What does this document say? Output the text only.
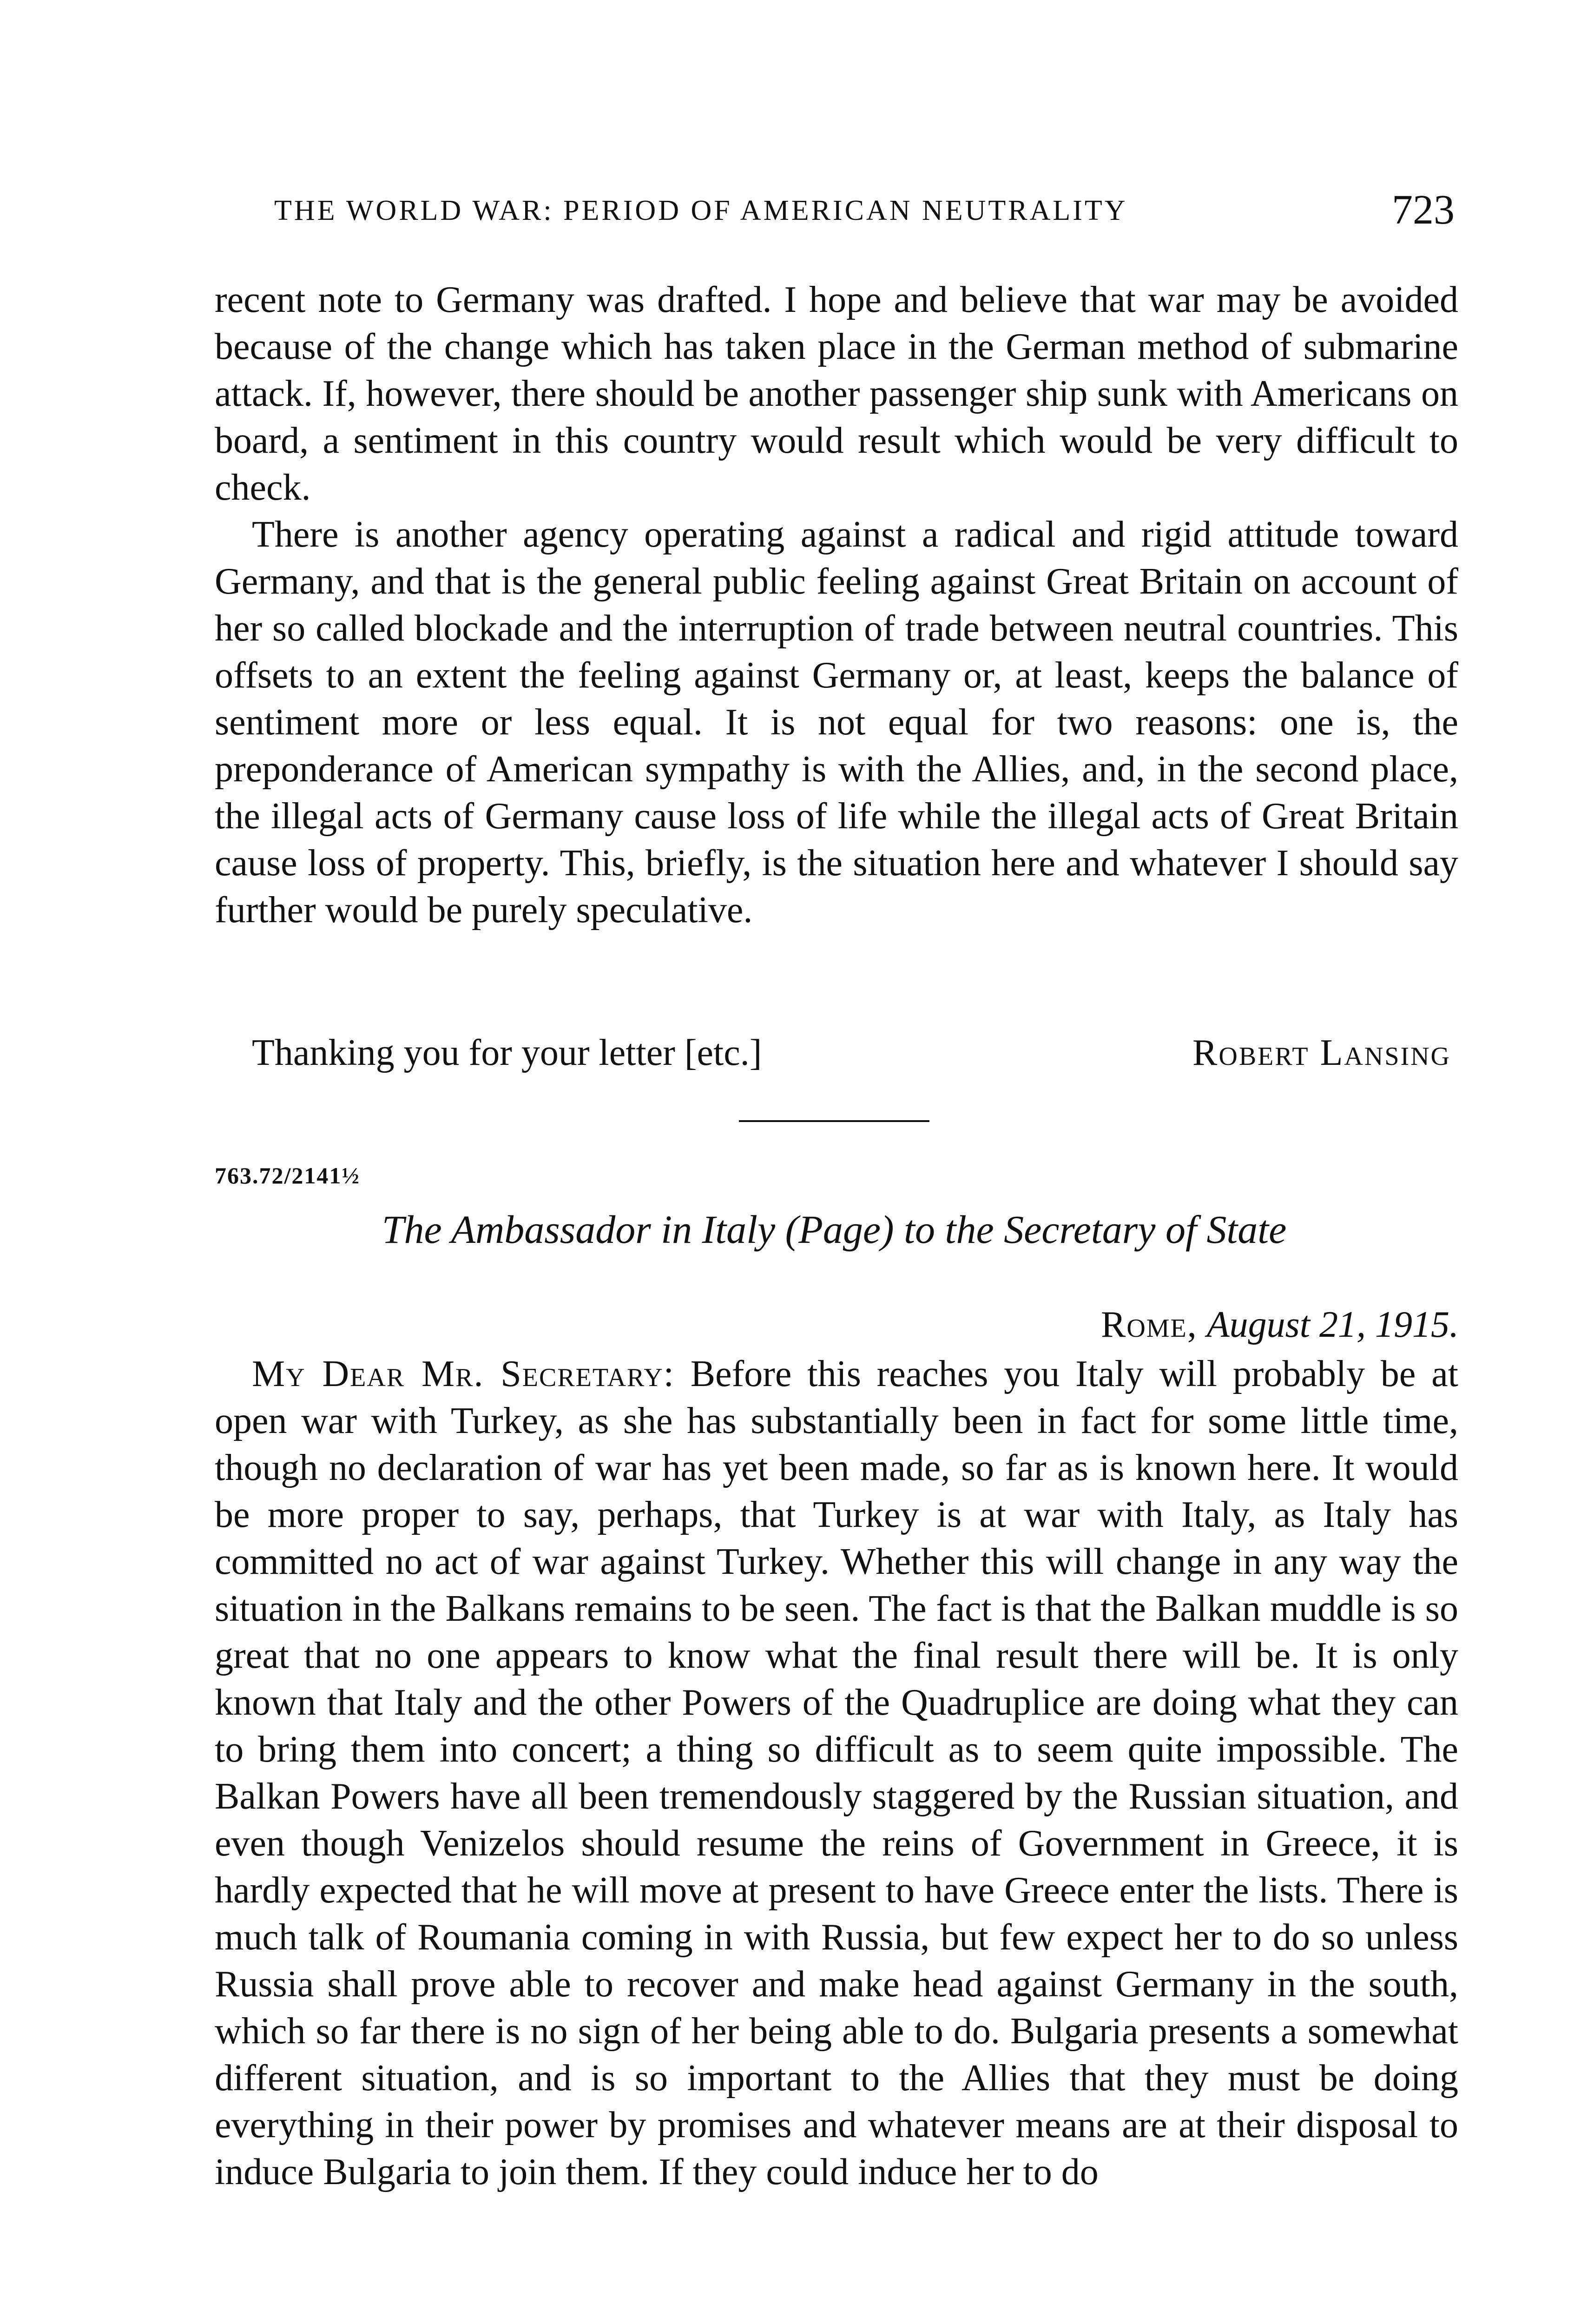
THE WORLD WAR: PERIOD OF AMERICAN NEUTRALITY	723

recent note to Germany was drafted. I hope and believe that war may be avoided because of the change which has taken place in the German method of submarine attack. If, however, there should be another passenger ship sunk with Americans on board, a sentiment in this country would result which would be very difficult to check.

There is another agency operating against a radical and rigid attitude toward Germany, and that is the general public feeling against Great Britain on account of her so called blockade and the interruption of trade between neutral countries. This offsets to an extent the feeling against Germany or, at least, keeps the balance of sentiment more or less equal. It is not equal for two reasons: one is, the preponderance of American sympathy is with the Allies, and, in the second place, the illegal acts of Germany cause loss of life while the illegal acts of Great Britain cause loss of property. This, briefly, is the situation here and whatever I should say further would be purely speculative.

Thanking you for your letter [etc.]	Robert Lansing
763.72/2141½
The Ambassador in Italy (Page) to the Secretary of State
Rome, August 21, 1915.

My Dear Mr. Secretary: Before this reaches you Italy will probably be at open war with Turkey, as she has substantially been in fact for some little time, though no declaration of war has yet been made, so far as is known here. It would be more proper to say, perhaps, that Turkey is at war with Italy, as Italy has committed no act of war against Turkey. Whether this will change in any way the situation in the Balkans remains to be seen. The fact is that the Balkan muddle is so great that no one appears to know what the final result there will be. It is only known that Italy and the other Powers of the Quadruplice are doing what they can to bring them into concert; a thing so difficult as to seem quite impossible. The Balkan Powers have all been tremendously staggered by the Russian situation, and even though Venizelos should resume the reins of Government in Greece, it is hardly expected that he will move at present to have Greece enter the lists. There is much talk of Roumania coming in with Russia, but few expect her to do so unless Russia shall prove able to recover and make head against Germany in the south, which so far there is no sign of her being able to do. Bulgaria presents a somewhat different situation, and is so important to the Allies that they must be doing everything in their power by promises and whatever means are at their disposal to induce Bulgaria to join them. If they could induce her to do
